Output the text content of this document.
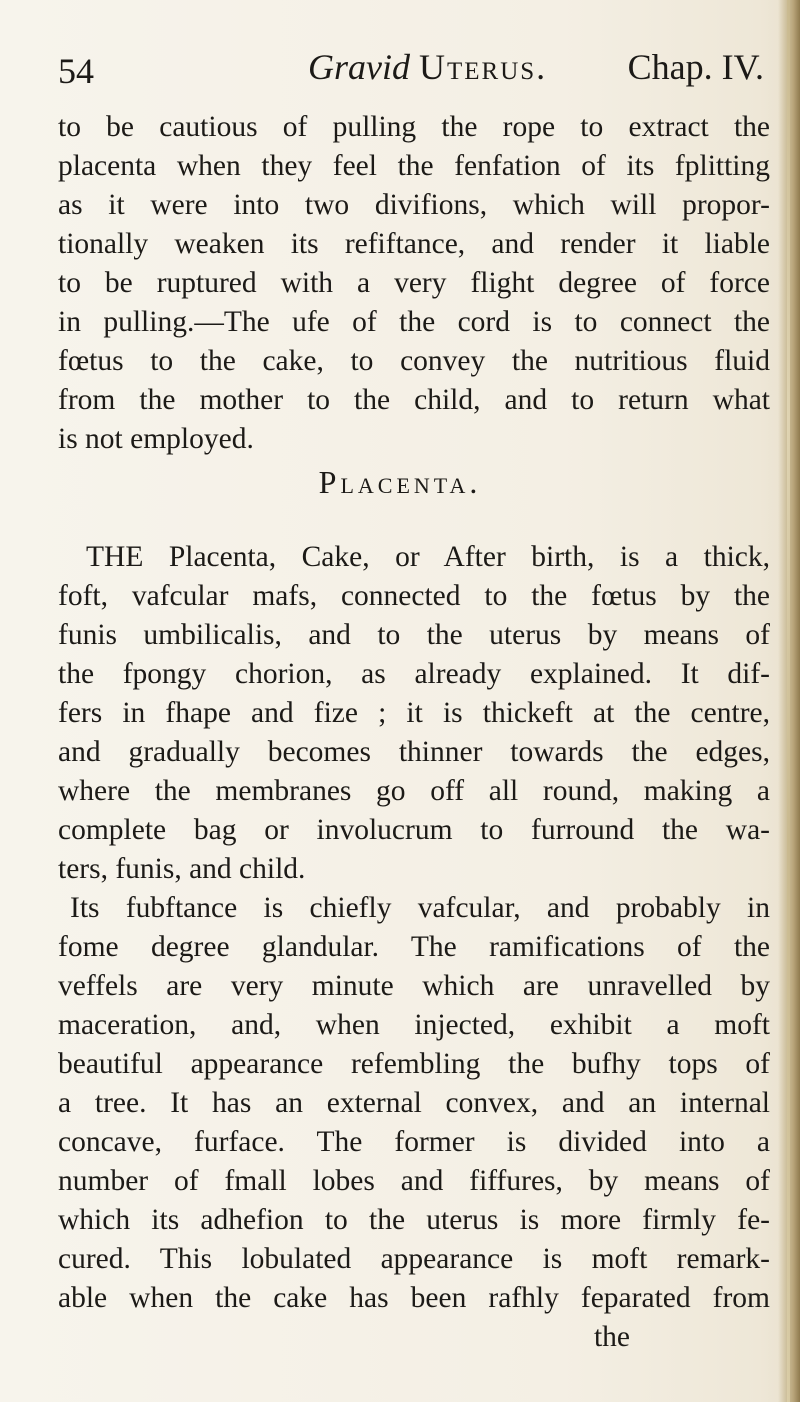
54	Gravid Uterus. Chap. IV.
to be cautious of pulling the rope to extract the
placenta when they feel the fenfation of its fplitting
as it were into two divifions, which will propor-
tionally weaken its refiftance, and render it liable
to be ruptured with a very flight degree of force
in pulling.—The ufe of the cord is to connect the
fœtus to the cake, to convey the nutritious fluid
from the mother to the child, and to return what
is not employed.
Placenta.
THE Placenta, Cake, or After birth, is a thick,
foft, vafcular mafs, connected to the fœtus by the
funis umbilicalis, and to the uterus by means of
the fpongy chorion, as already explained. It dif-
fers in fhape and fize ; it is thickeft at the centre,
and gradually becomes thinner towards the edges,
where the membranes go off all round, making a
complete bag or involucrum to furround the wa-
ters, funis, and child.
Its fubftance is chiefly vafcular, and probably in
fome degree glandular. The ramifications of the
veffels are very minute which are unravelled by
maceration, and, when injected, exhibit a moft
beautiful appearance refembling the bufhy tops of
a tree. It has an external convex, and an internal
concave, furface. The former is divided into a
number of fmall lobes and fiffures, by means of
which its adhefion to the uterus is more firmly fe-
cured. This lobulated appearance is moft remark-
able when the cake has been rafhly feparated from
the
